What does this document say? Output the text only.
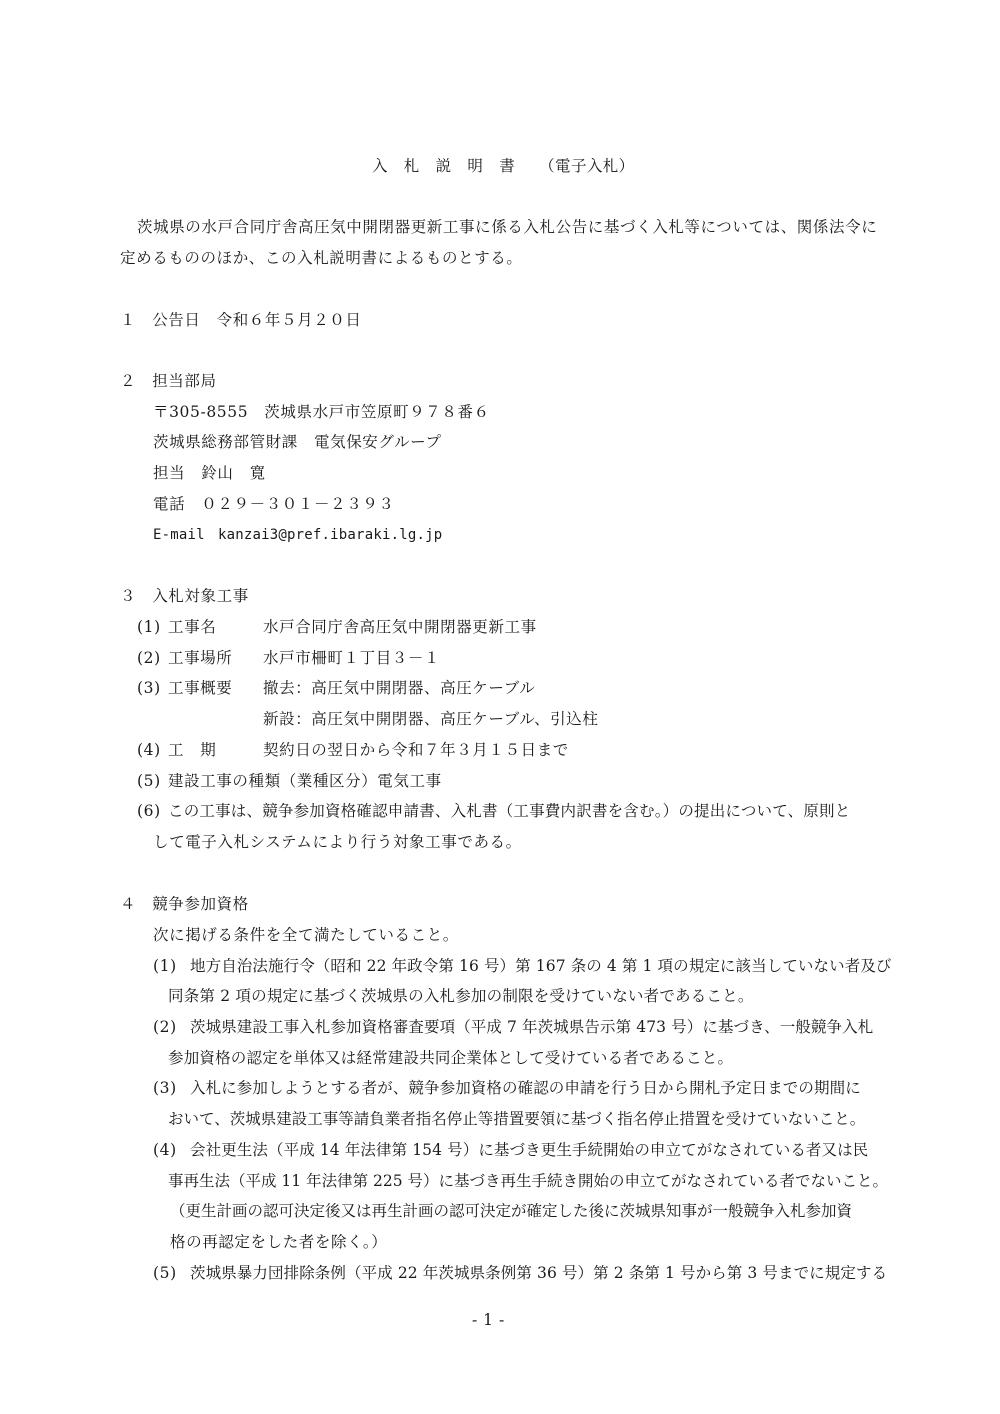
入　札　説　明　書　　（電子入札）
茨城県の水戸合同庁舎高圧気中開閉器更新工事に係る入札公告に基づく入札等については、関係法令に
定めるもののほか、この入札説明書によるものとする。
１　公告日　令和６年５月２０日
２　担当部局
〒305-8555　茨城県水戸市笠原町９７８番６
茨城県総務部管財課　電気保安グループ
担当　鈴山　寛
電話　０２９－３０１－２３９３
E-mail kanzai3@pref.ibaraki.lg.jp
３　入札対象工事
(1) 工事名	水戸合同庁舎高圧気中開閉器更新工事
(2) 工事場所 水戸市柵町１丁目３－１
(3) 工事概要 撤去：高圧気中開閉器、高圧ケーブル
新設：高圧気中開閉器、高圧ケーブル、引込柱
(4) 工　期	契約日の翌日から令和７年３月１５日まで
(5) 建設工事の種類（業種区分）電気工事
(6) この工事は、競争参加資格確認申請書、入札書（工事費内訳書を含む。）の提出について、原則と
して電子入札システムにより行う対象工事である。
４　競争参加資格
次に掲げる条件を全て満たしていること。
(1) 地方自治法施行令（昭和 22 年政令第 16 号）第 167 条の 4 第 1 項の規定に該当していない者及び
同条第 2 項の規定に基づく茨城県の入札参加の制限を受けていない者であること。
(2) 茨城県建設工事入札参加資格審査要項（平成 7 年茨城県告示第 473 号）に基づき、一般競争入札
参加資格の認定を単体又は経常建設共同企業体として受けている者であること。
(3) 入札に参加しようとする者が、競争参加資格の確認の申請を行う日から開札予定日までの期間に
おいて、茨城県建設工事等請負業者指名停止等措置要領に基づく指名停止措置を受けていないこと。
(4) 会社更生法（平成 14 年法律第 154 号）に基づき更生手続開始の申立てがなされている者又は民
事再生法（平成 11 年法律第 225 号）に基づき再生手続き開始の申立てがなされている者でないこと。
（更生計画の認可決定後又は再生計画の認可決定が確定した後に茨城県知事が一般競争入札参加資
格の再認定をした者を除く。）
(5) 茨城県暴力団排除条例（平成 22 年茨城県条例第 36 号）第 2 条第 1 号から第 3 号までに規定する
- 1 -
